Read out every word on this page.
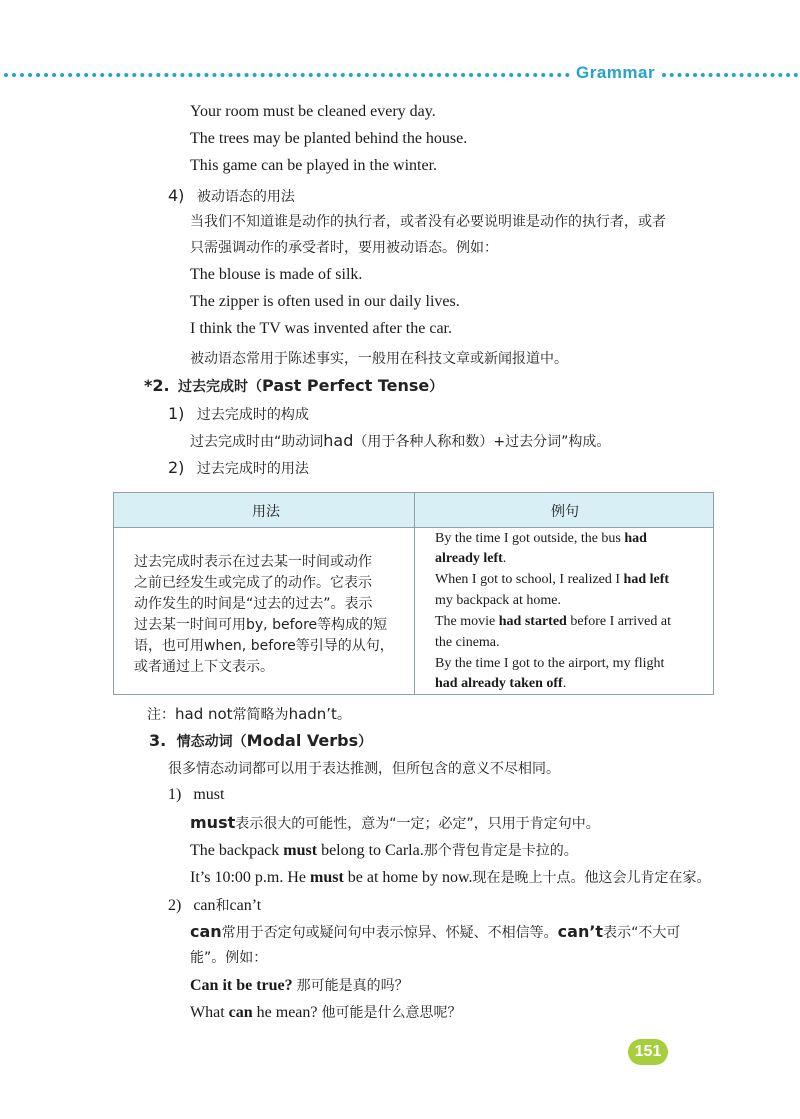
Grammar
Your room must be cleaned every day.
The trees may be planted behind the house.
This game can be played in the winter.
4) 被动语态的用法
当我们不知道谁是动作的执行者，或者没有必要说明谁是动作的执行者，或者
只需强调动作的承受者时，要用被动语态。例如：
The blouse is made of silk.
The zipper is often used in our daily lives.
I think the TV was invented after the car.
被动语态常用于陈述事实，一般用在科技文章或新闻报道中。
*2. 过去完成时（Past Perfect Tense）
1) 过去完成时的构成
过去完成时由“助动词had（用于各种人称和数）+过去分词”构成。
2) 过去完成时的用法
用法	例句
过去完成时表示在过去某一时间或动作
之前已经发生或完成了的动作。它表示
动作发生的时间是“过去的过去”。表示
过去某一时间可用by, before等构成的短
语，也可用when, before等引导的从句，
或者通过上下文表示。
By the time I got outside, the bus had
already left.
When I got to school, I realized I had left
my backpack at home.
The movie had started before I arrived at
the cinema.
By the time I got to the airport, my flight
had already taken off.
注：had not常简略为hadn’t。
3. 情态动词（Modal Verbs）
很多情态动词都可以用于表达推测，但所包含的意义不尽相同。
1) must
must表示很大的可能性，意为“一定；必定”，只用于肯定句中。
The backpack must belong to Carla.那个背包肯定是卡拉的。
It’s 10:00 p.m. He must be at home by now.现在是晚上十点。他这会儿肯定在家。
2) can和can’t
can常用于否定句或疑问句中表示惊异、怀疑、不相信等。can’t表示“不大可
能”。例如：
Can it be true? 那可能是真的吗？
What can he mean? 他可能是什么意思呢？
151
